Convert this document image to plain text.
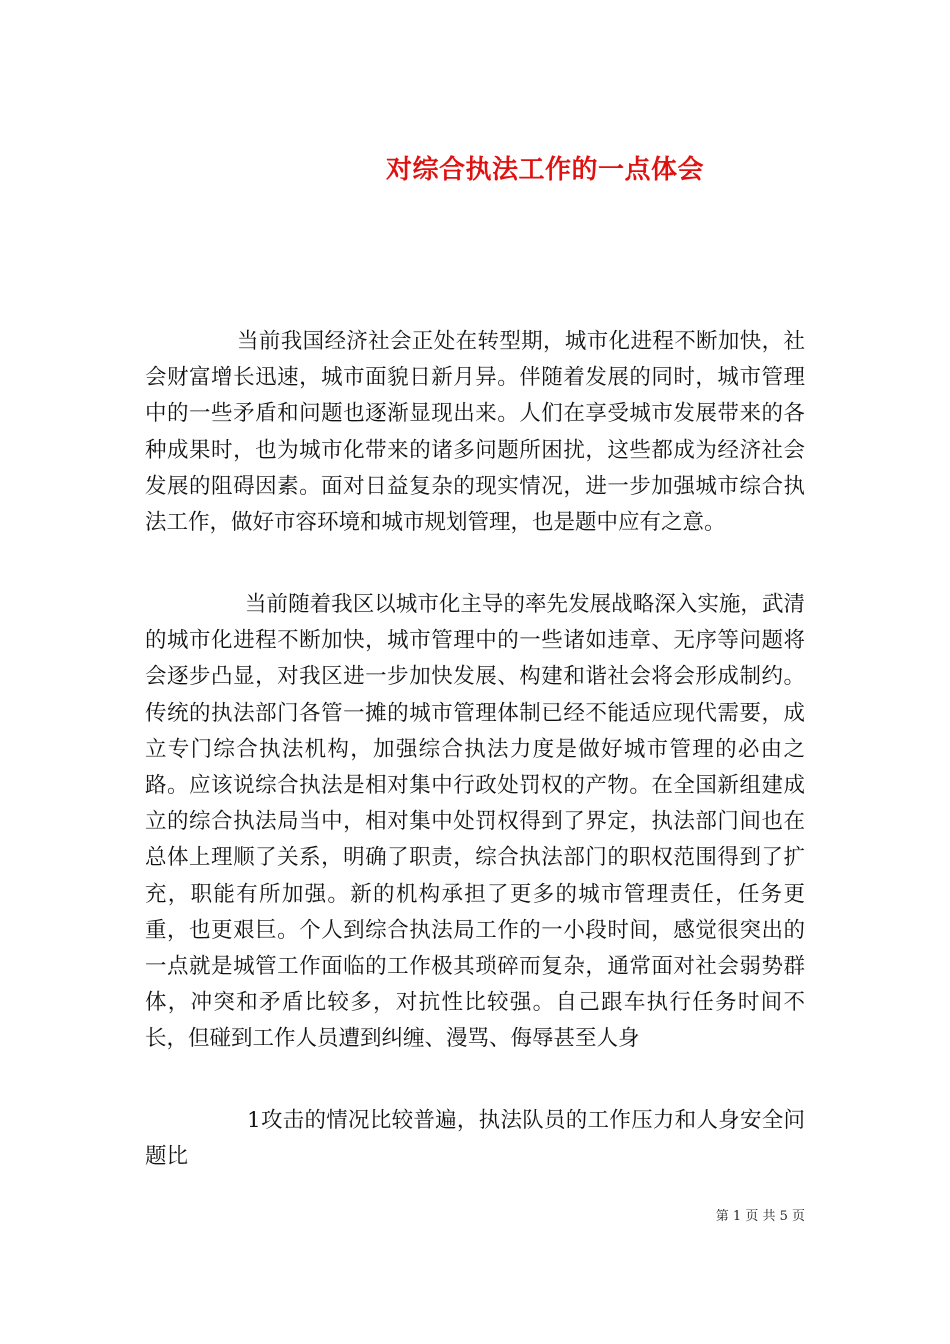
对综合执法工作的一点体会

当前我国经济社会正处在转型期，城市化进程不断加快，社会财富增长迅速，城市面貌日新月异。伴随着发展的同时，城市管理中的一些矛盾和问题也逐渐显现出来。人们在享受城市发展带来的各种成果时，也为城市化带来的诸多问题所困扰，这些都成为经济社会发展的阻碍因素。面对日益复杂的现实情况，进一步加强城市综合执法工作，做好市容环境和城市规划管理，也是题中应有之意。

当前随着我区以城市化主导的率先发展战略深入实施，武清的城市化进程不断加快，城市管理中的一些诸如违章、无序等问题将会逐步凸显，对我区进一步加快发展、构建和谐社会将会形成制约。传统的执法部门各管一摊的城市管理体制已经不能适应现代需要，成立专门综合执法机构，加强综合执法力度是做好城市管理的必由之路。应该说综合执法是相对集中行政处罚权的产物。在全国新组建成立的综合执法局当中，相对集中处罚权得到了界定，执法部门间也在总体上理顺了关系，明确了职责，综合执法部门的职权范围得到了扩充，职能有所加强。新的机构承担了更多的城市管理责任，任务更重，也更艰巨。个人到综合执法局工作的一小段时间，感觉很突出的一点就是城管工作面临的工作极其琐碎而复杂，通常面对社会弱势群体，冲突和矛盾比较多，对抗性比较强。自己跟车执行任务时间不长，但碰到工作人员遭到纠缠、漫骂、侮辱甚至人身

1攻击的情况比较普遍，执法队员的工作压力和人身安全问题比

第 1 页 共 5 页
